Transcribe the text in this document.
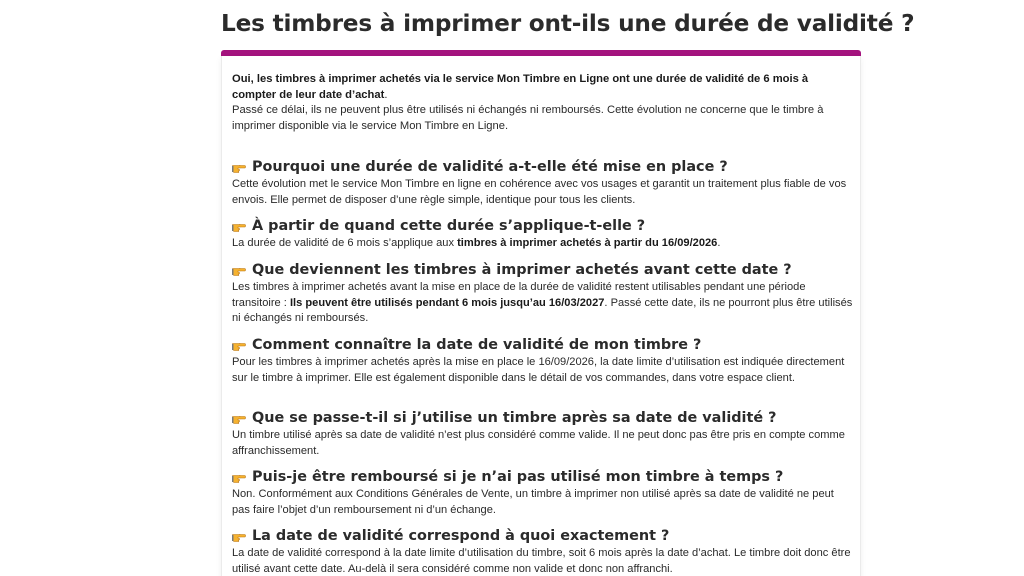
Les timbres à imprimer ont-ils une durée de validité ?

Oui, les timbres à imprimer achetés via le service Mon Timbre en Ligne ont une durée de validité de 6 mois à compter de leur date d’achat.
Passé ce délai, ils ne peuvent plus être utilisés ni échangés ni remboursés. Cette évolution ne concerne que le timbre à imprimer disponible via le service Mon Timbre en Ligne.

Pourquoi une durée de validité a-t-elle été mise en place ?

Cette évolution met le service Mon Timbre en ligne en cohérence avec vos usages et garantit un traitement plus fiable de vos envois. Elle permet de disposer d’une règle simple, identique pour tous les clients.

À partir de quand cette durée s’applique-t-elle ?

La durée de validité de 6 mois s’applique aux timbres à imprimer achetés à partir du 16/09/2026.

Que deviennent les timbres à imprimer achetés avant cette date ?

Les timbres à imprimer achetés avant la mise en place de la durée de validité restent utilisables pendant une période transitoire : Ils peuvent être utilisés pendant 6 mois jusqu’au 16/03/2027. Passé cette date, ils ne pourront plus être utilisés ni échangés ni remboursés.

Comment connaître la date de validité de mon timbre ?

Pour les timbres à imprimer achetés après la mise en place le 16/09/2026, la date limite d’utilisation est indiquée directement sur le timbre à imprimer. Elle est également disponible dans le détail de vos commandes, dans votre espace client.

Que se passe-t-il si j’utilise un timbre après sa date de validité ?

Un timbre utilisé après sa date de validité n’est plus considéré comme valide. Il ne peut donc pas être pris en compte comme affranchissement.

Puis-je être remboursé si je n’ai pas utilisé mon timbre à temps ?

Non. Conformément aux Conditions Générales de Vente, un timbre à imprimer non utilisé après sa date de validité ne peut pas faire l’objet d’un remboursement ni d’un échange.

La date de validité correspond à quoi exactement ?

La date de validité correspond à la date limite d’utilisation du timbre, soit 6 mois après la date d’achat. Le timbre doit donc être utilisé avant cette date. Au-delà il sera considéré comme non valide et donc non affranchi.
